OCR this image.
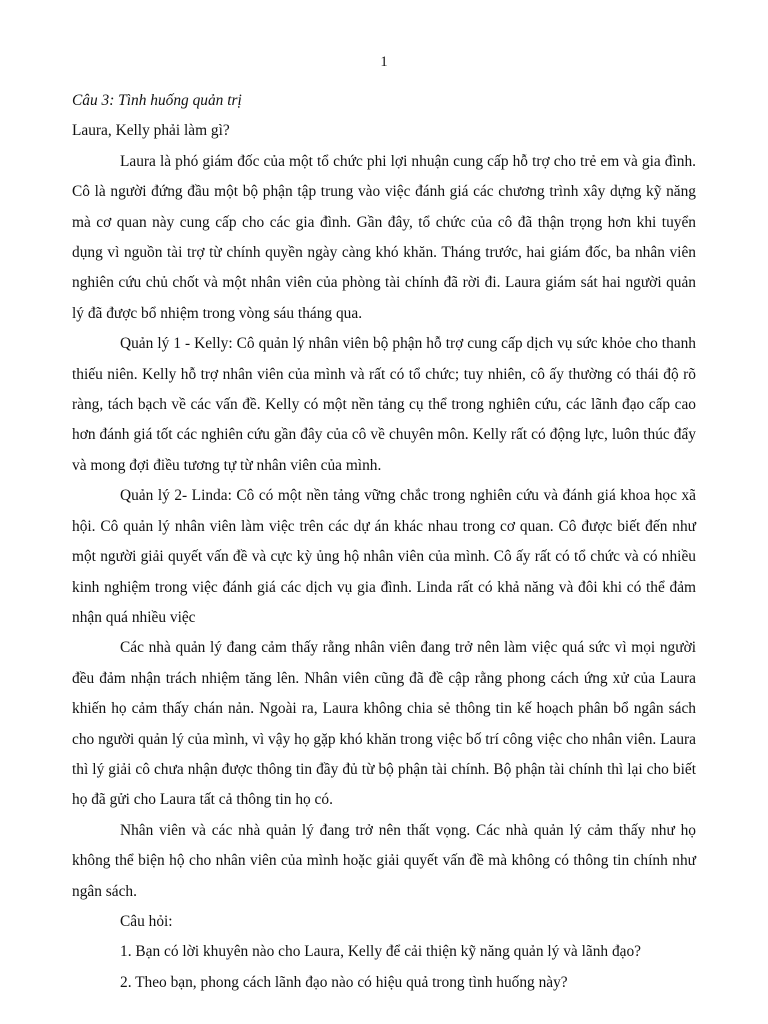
1

Câu 3: Tình huống quản trị

Laura, Kelly phải làm gì?

Laura là phó giám đốc của một tổ chức phi lợi nhuận cung cấp hỗ trợ cho trẻ em và gia đình. Cô là người đứng đầu một bộ phận tập trung vào việc đánh giá các chương trình xây dựng kỹ năng mà cơ quan này cung cấp cho các gia đình. Gần đây, tổ chức của cô đã thận trọng hơn khi tuyển dụng vì nguồn tài trợ từ chính quyền ngày càng khó khăn. Tháng trước, hai giám đốc, ba nhân viên nghiên cứu chủ chốt và một nhân viên của phòng tài chính đã rời đi. Laura giám sát hai người quản lý đã được bổ nhiệm trong vòng sáu tháng qua.

Quản lý 1 - Kelly: Cô quản lý nhân viên bộ phận hỗ trợ cung cấp dịch vụ sức khỏe cho thanh thiếu niên. Kelly hỗ trợ nhân viên của mình và rất có tổ chức; tuy nhiên, cô ấy thường có thái độ rõ ràng, tách bạch về các vấn đề. Kelly có một nền tảng cụ thể trong nghiên cứu, các lãnh đạo cấp cao hơn đánh giá tốt các nghiên cứu gần đây của cô về chuyên môn. Kelly rất có động lực, luôn thúc đẩy và mong đợi điều tương tự từ nhân viên của mình.

Quản lý 2- Linda: Cô có một nền tảng vững chắc trong nghiên cứu và đánh giá khoa học xã hội. Cô quản lý nhân viên làm việc trên các dự án khác nhau trong cơ quan. Cô được biết đến như một người giải quyết vấn đề và cực kỳ ủng hộ nhân viên của mình. Cô ấy rất có tổ chức và có nhiều kinh nghiệm trong việc đánh giá các dịch vụ gia đình. Linda rất có khả năng và đôi khi có thể đảm nhận quá nhiều việc

Các nhà quản lý đang cảm thấy rằng nhân viên đang trở nên làm việc quá sức vì mọi người đều đảm nhận trách nhiệm tăng lên. Nhân viên cũng đã đề cập rằng phong cách ứng xử của Laura khiến họ cảm thấy chán nản. Ngoài ra, Laura không chia sẻ thông tin kế hoạch phân bổ ngân sách cho người quản lý của mình, vì vậy họ gặp khó khăn trong việc bố trí công việc cho nhân viên. Laura thì lý giải cô chưa nhận được thông tin đầy đủ từ bộ phận tài chính. Bộ phận tài chính thì lại cho biết họ đã gửi cho Laura tất cả thông tin họ có.

Nhân viên và các nhà quản lý đang trở nên thất vọng. Các nhà quản lý cảm thấy như họ không thể biện hộ cho nhân viên của mình hoặc giải quyết vấn đề mà không có thông tin chính như ngân sách.

Câu hỏi:

1. Bạn có lời khuyên nào cho Laura, Kelly để cải thiện kỹ năng quản lý và lãnh đạo?

2. Theo bạn, phong cách lãnh đạo nào có hiệu quả trong tình huống này?
